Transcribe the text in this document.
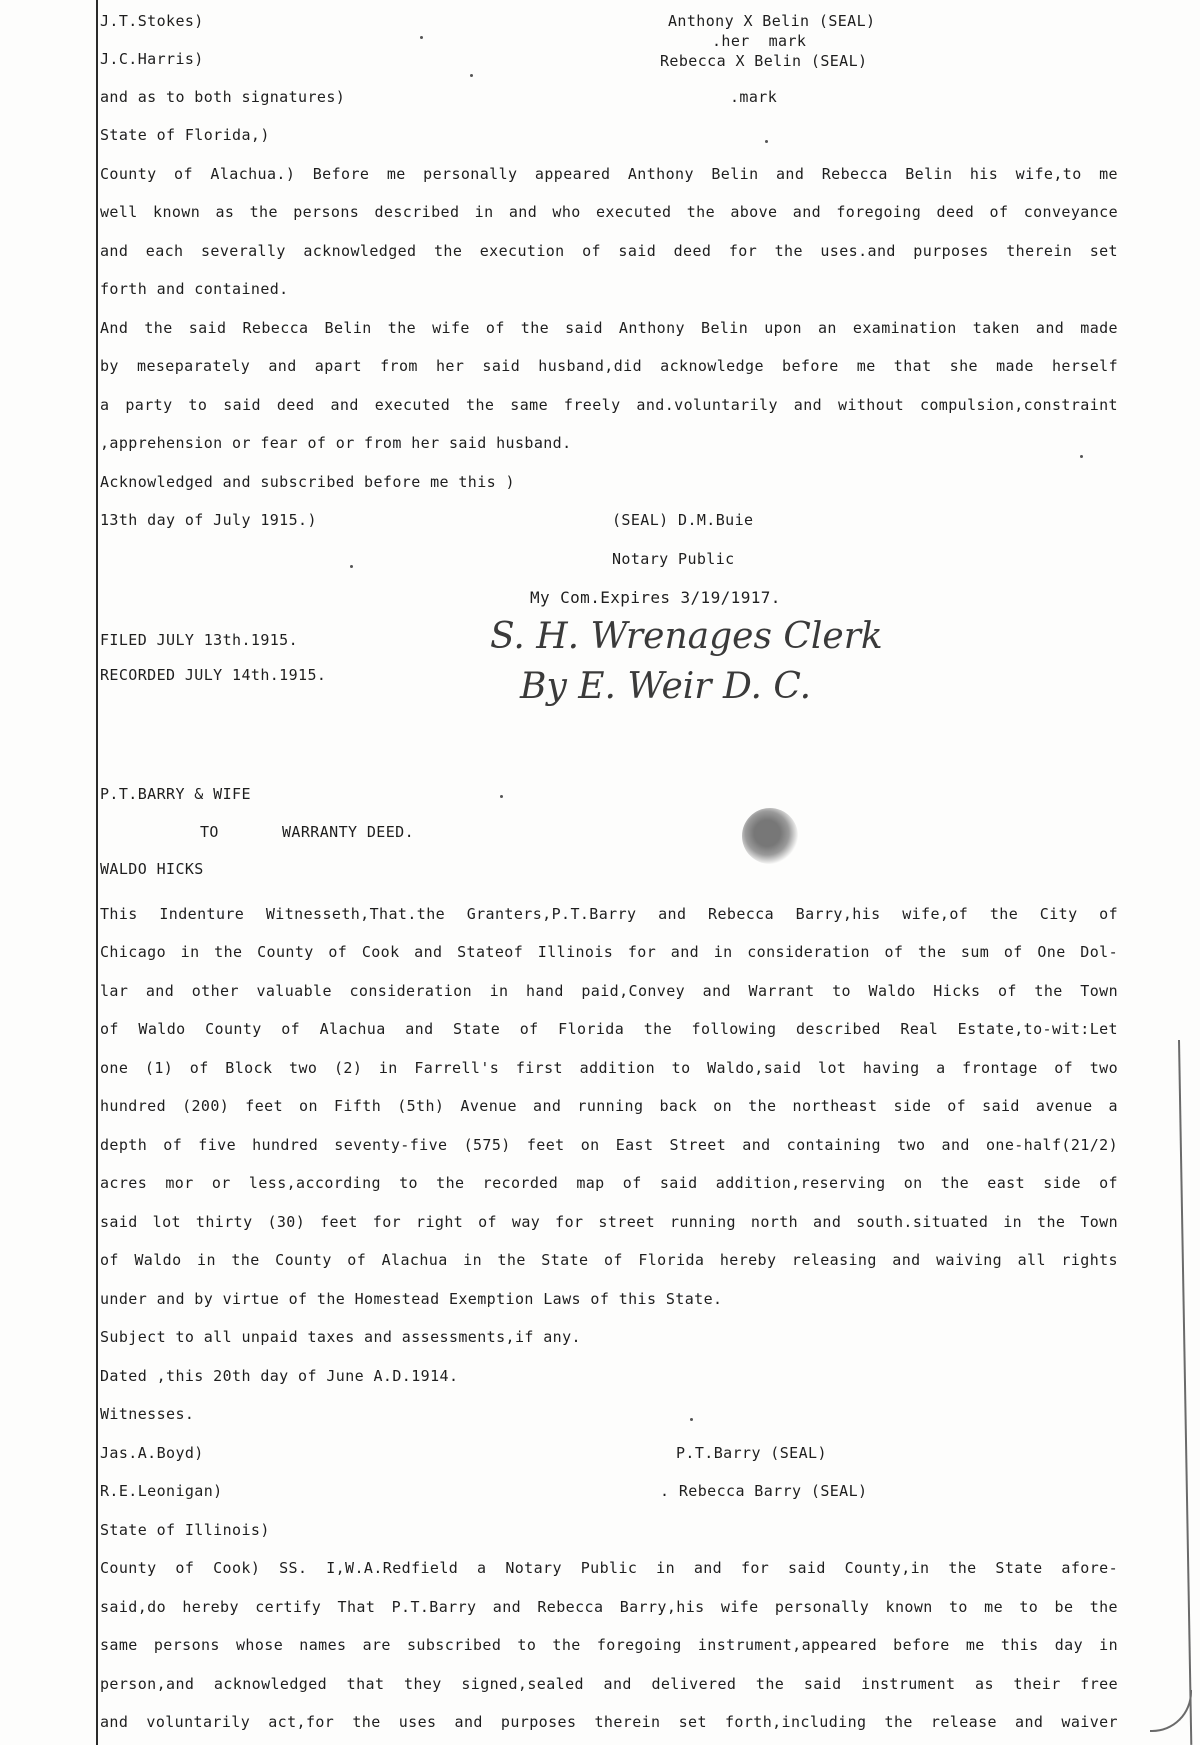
J.T.Stokes)
J.C.Harris)
and as to both signatures)
State of Florida,)
Anthony X Belin (SEAL)
.her  mark
Rebecca X Belin (SEAL)
.mark
County of Alachua.) Before me personally appeared Anthony Belin and Rebecca Belin his wife,to me
well known as the persons described in and who executed the above and foregoing deed of conveyance
and each severally acknowledged the execution of said deed for the uses.and purposes therein set
forth and contained.
And the said Rebecca Belin the wife of the said Anthony Belin upon an examination taken and made
by meseparately and apart from her said husband,did acknowledge before me that she made herself
a party to said deed and executed the same freely and.voluntarily and without compulsion,constraint
,apprehension or fear of or from her said husband.
Acknowledged and subscribed before me this )
13th day of July 1915.)	(SEAL) D.M.Buie
Notary Public
My Com.Expires 3/19/1917.
FILED JULY 13th.1915.
RECORDED JULY 14th.1915.
S. H. Wrenages Clerk
By E. Weir D. C.
P.T.BARRY & WIFE
TO	WARRANTY DEED.
WALDO HICKS
This Indenture Witnesseth,That.the Granters,P.T.Barry and Rebecca Barry,his wife,of the City of
Chicago in the County of Cook and Stateof Illinois for and in consideration of the sum of One Dol-
lar and other valuable consideration in hand paid,Convey and Warrant to Waldo Hicks of the Town
of Waldo County of Alachua and State of Florida the following described Real Estate,to-wit:Let
one (1) of Block two (2) in Farrell's first addition to Waldo,said lot having a frontage of two
hundred (200) feet on Fifth (5th) Avenue and running back on the northeast side of said avenue a
depth of five hundred seventy-five (575) feet on East Street and containing two and one-half(21/2)
acres mor or less,according to the recorded map of said addition,reserving on the east side of
said lot thirty (30) feet for right of way for street running north and south.situated in the Town
of Waldo in the County of Alachua in the State of Florida hereby releasing and waiving all rights
under and by virtue of the Homestead Exemption Laws of this State.
Subject to all unpaid taxes and assessments,if any.
Dated ,this 20th day of June A.D.1914.
Witnesses.
Jas.A.Boyd)
R.E.Leonigan)
State of Illinois)
P.T.Barry (SEAL)
. Rebecca Barry (SEAL)
County of Cook) SS. I,W.A.Redfield a Notary Public in and for said County,in the State afore-
said,do hereby certify That P.T.Barry and Rebecca Barry,his wife personally known to me to be the
same persons whose names are subscribed to the foregoing instrument,appeared before me this day in
person,and acknowledged that they signed,sealed and delivered the said instrument as their free
and voluntarily act,for the uses and purposes therein set forth,including the release and waiver
